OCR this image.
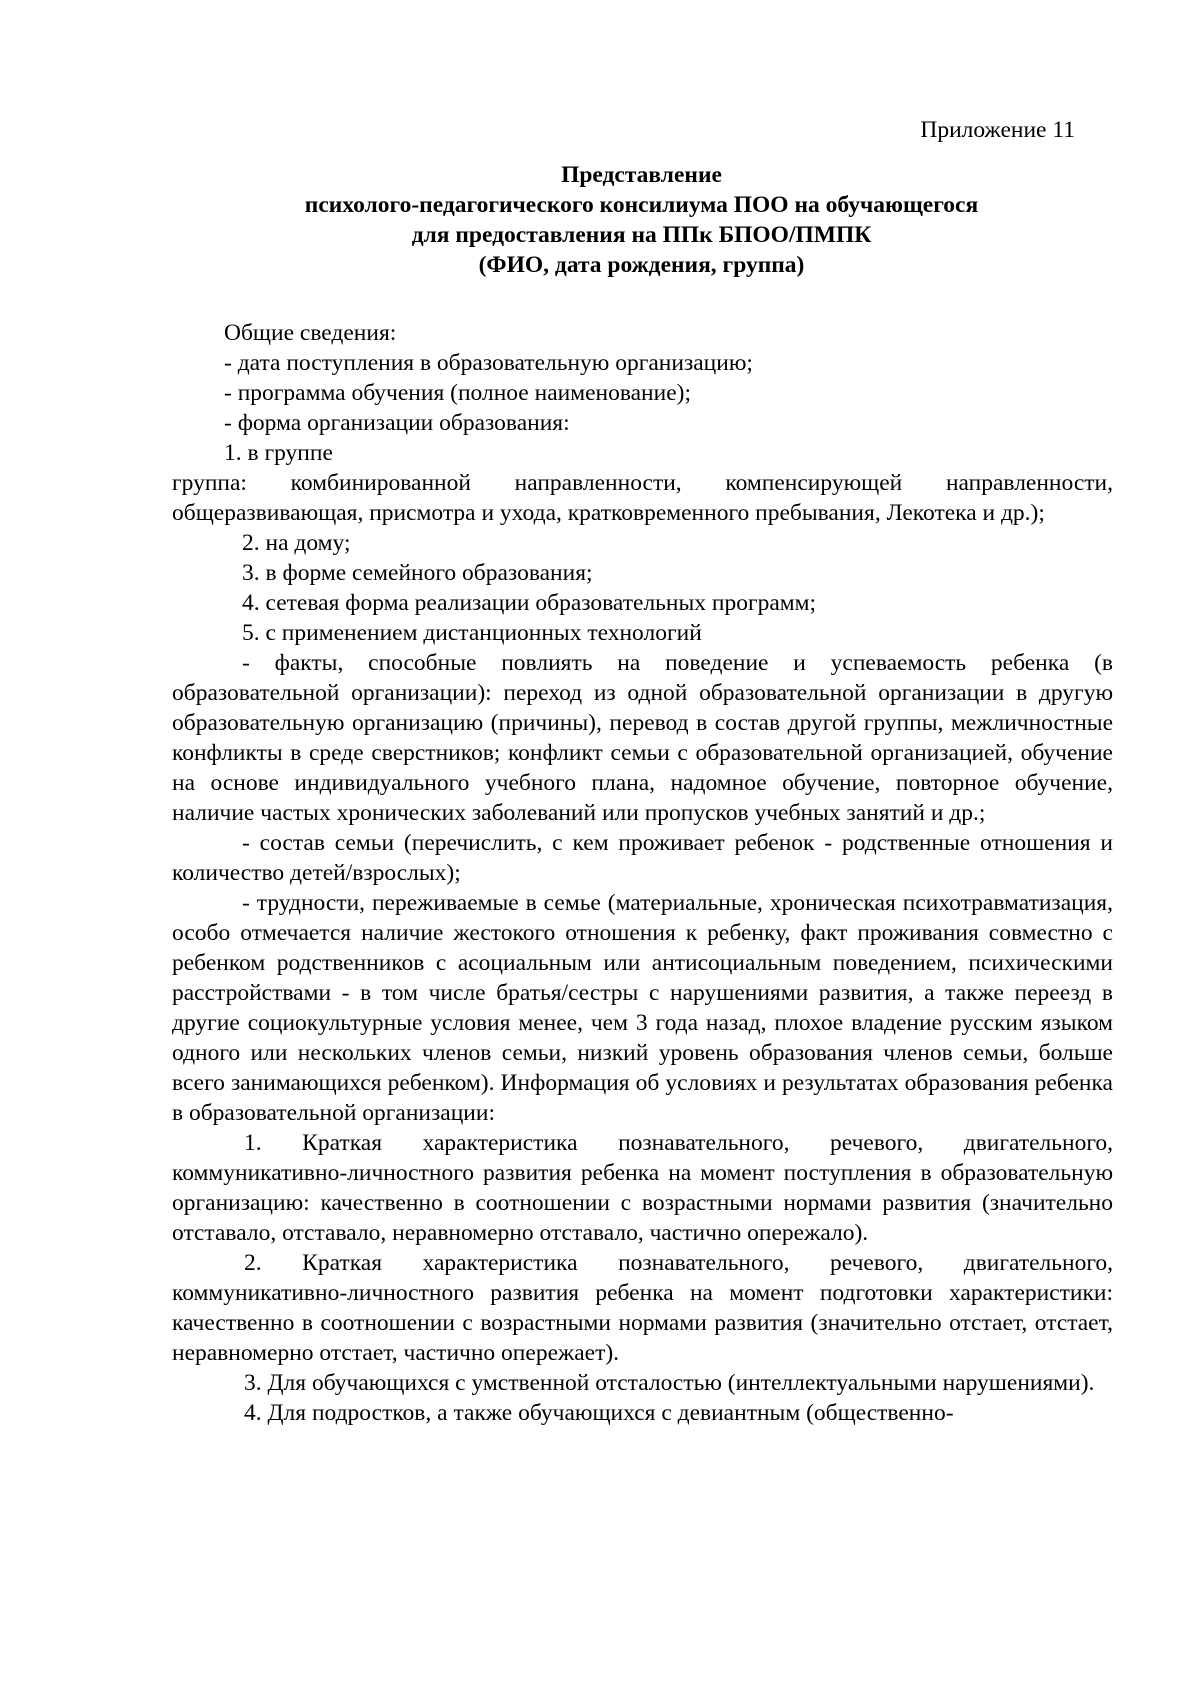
Приложение 11

Представление

психолого-педагогического консилиума ПОО на обучающегося

для предоставления на ППк БПОО/ПМПК

(ФИО, дата рождения, группа)

Общие сведения:

- дата поступления в образовательную организацию;

- программа обучения (полное наименование);

- форма организации образования:

1. в группе

группа: комбинированной направленности, компенсирующей направленности, общеразвивающая, присмотра и ухода, кратковременного пребывания, Лекотека и др.);

2. на дому;

3. в форме семейного образования;

4. сетевая форма реализации образовательных программ;

5. с применением дистанционных технологий

- факты, способные повлиять на поведение и успеваемость ребенка (в образовательной организации): переход из одной образовательной организации в другую образовательную организацию (причины), перевод в состав другой группы, межличностные конфликты в среде сверстников; конфликт семьи с образовательной организацией, обучение на основе индивидуального учебного плана, надомное обучение, повторное обучение, наличие частых хронических заболеваний или пропусков учебных занятий и др.;

- состав семьи (перечислить, с кем проживает ребенок - родственные отношения и количество детей/взрослых);

- трудности, переживаемые в семье (материальные, хроническая психотравматизация, особо отмечается наличие жестокого отношения к ребенку, факт проживания совместно с ребенком родственников с асоциальным или антисоциальным поведением, психическими расстройствами - в том числе братья/сестры с нарушениями развития, а также переезд в другие социокультурные условия менее, чем 3 года назад, плохое владение русским языком одного или нескольких членов семьи, низкий уровень образования членов семьи, больше всего занимающихся ребенком). Информация об условиях и результатах образования ребенка в образовательной организации:

1. Краткая характеристика познавательного, речевого, двигательного, коммуникативно-личностного развития ребенка на момент поступления в образовательную организацию: качественно в соотношении с возрастными нормами развития (значительно отставало, отставало, неравномерно отставало, частично опережало).

2. Краткая характеристика познавательного, речевого, двигательного, коммуникативно-личностного развития ребенка на момент подготовки характеристики: качественно в соотношении с возрастными нормами развития (значительно отстает, отстает, неравномерно отстает, частично опережает).

3. Для обучающихся с умственной отсталостью (интеллектуальными нарушениями).

4. Для подростков, а также обучающихся с девиантным (общественно-
